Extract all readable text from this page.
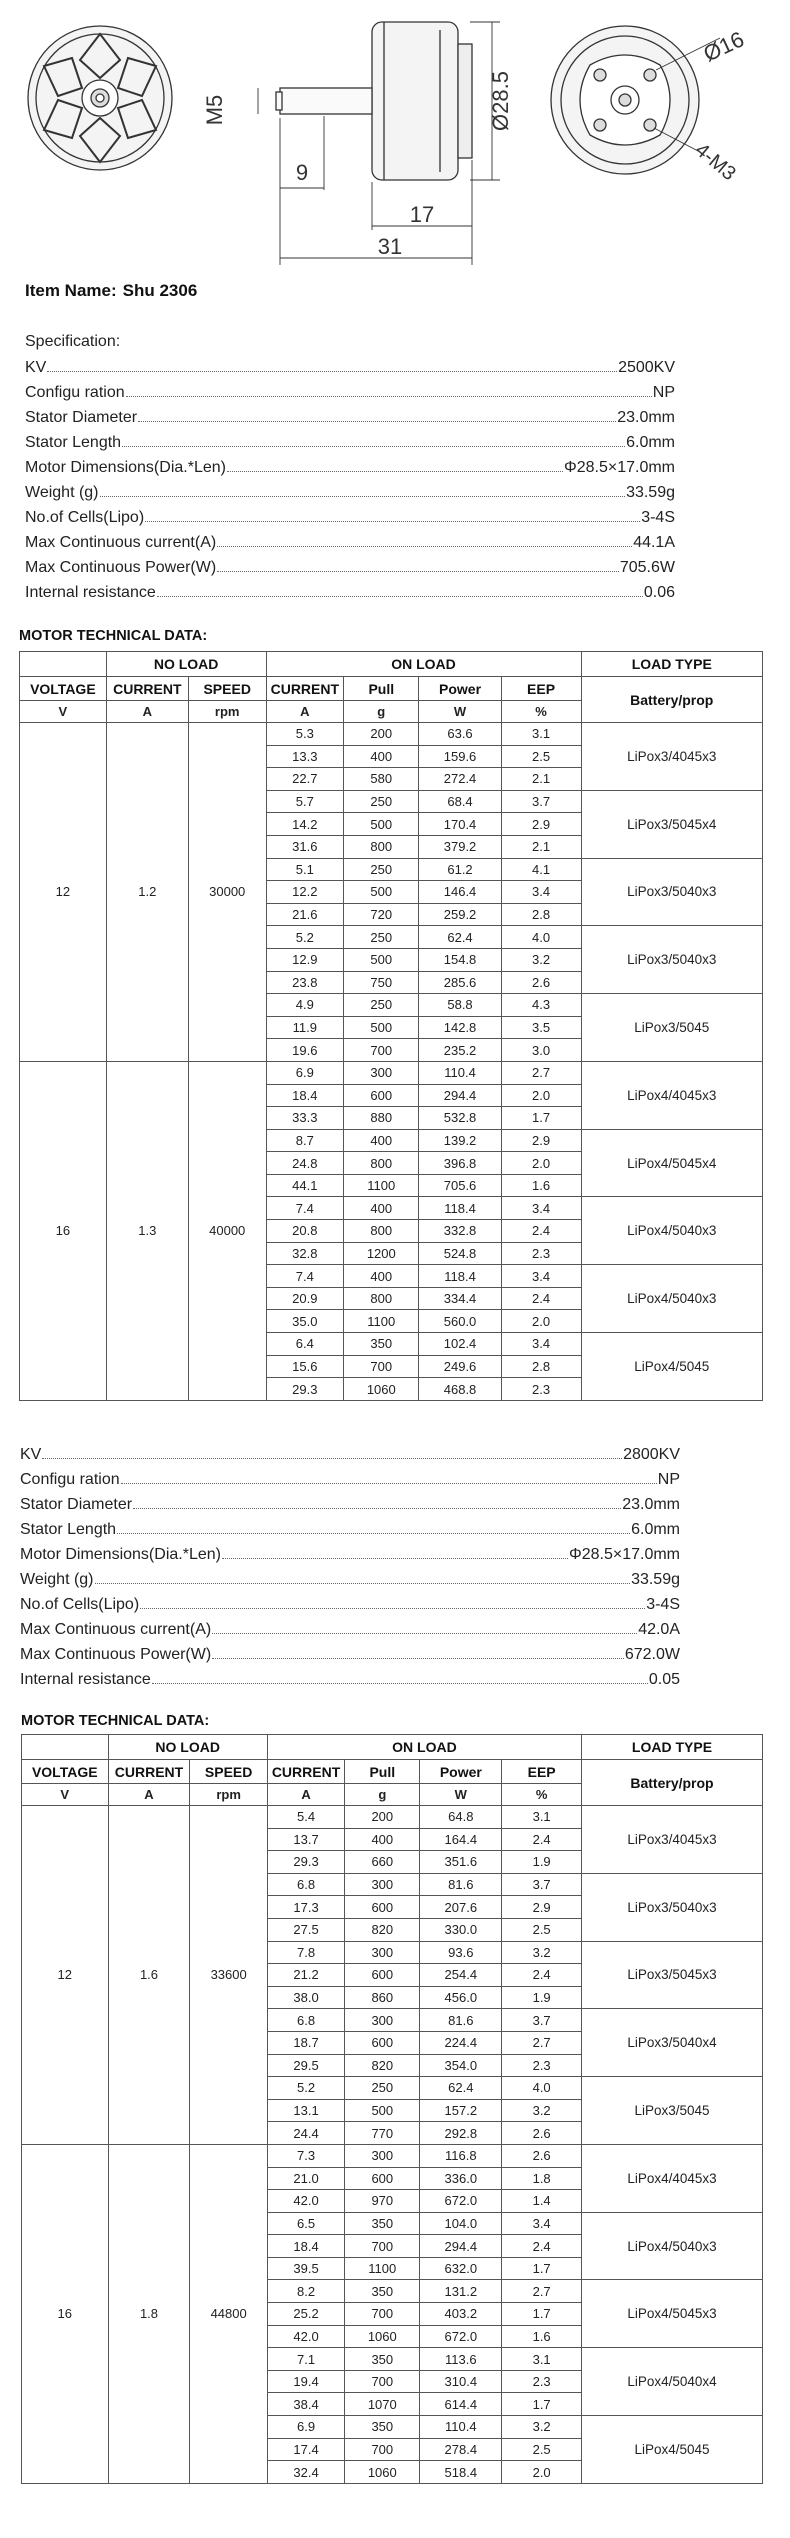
M5
9
17
31
Ø28.5
Ø16
4-M3
Item Name: Shu 2306
Specification:
KV	2500KV
Configu ration	NP
Stator Diameter	23.0mm
Stator Length	6.0mm
Motor Dimensions(Dia.*Len)	Φ28.5×17.0mm
Weight (g)	33.59g
No.of Cells(Lipo)	3-4S
Max Continuous current(A)	44.1A
Max Continuous Power(W)	705.6W
Internal resistance	0.06
MOTOR TECHNICAL DATA:
	NO LOAD		ON LOAD				LOAD TYPE
VOLTAGE	CURRENT	SPEED	CURRENT	Pull	Power	EEP	Battery/prop
V	A	rpm	A	g	W	%	
12	1.2	30000	5.3	200	63.6	3.1	LiPox3/4045x3
			13.3	400	159.6	2.5	
			22.7	580	272.4	2.1	
			5.7	250	68.4	3.7	LiPox3/5045x4
			14.2	500	170.4	2.9	
			31.6	800	379.2	2.1	
			5.1	250	61.2	4.1	LiPox3/5040x3
			12.2	500	146.4	3.4	
			21.6	720	259.2	2.8	
			5.2	250	62.4	4.0	LiPox3/5040x3
			12.9	500	154.8	3.2	
			23.8	750	285.6	2.6	
			4.9	250	58.8	4.3	LiPox3/5045
			11.9	500	142.8	3.5	
			19.6	700	235.2	3.0	
16	1.3	40000	6.9	300	110.4	2.7	LiPox4/4045x3
			18.4	600	294.4	2.0	
			33.3	880	532.8	1.7	
			8.7	400	139.2	2.9	LiPox4/5045x4
			24.8	800	396.8	2.0	
			44.1	1100	705.6	1.6	
			7.4	400	118.4	3.4	LiPox4/5040x3
			20.8	800	332.8	2.4	
			32.8	1200	524.8	2.3	
			7.4	400	118.4	3.4	LiPox4/5040x3
			20.9	800	334.4	2.4	
			35.0	1100	560.0	2.0	
			6.4	350	102.4	3.4	LiPox4/5045
			15.6	700	249.6	2.8	
			29.3	1060	468.8	2.3	
KV	2800KV
Configu ration	NP
Stator Diameter	23.0mm
Stator Length	6.0mm
Motor Dimensions(Dia.*Len)	Φ28.5×17.0mm
Weight (g)	33.59g
No.of Cells(Lipo)	3-4S
Max Continuous current(A)	42.0A
Max Continuous Power(W)	672.0W
Internal resistance	0.05
MOTOR TECHNICAL DATA:
	NO LOAD		ON LOAD				LOAD TYPE
VOLTAGE	CURRENT	SPEED	CURRENT	Pull	Power	EEP	Battery/prop
V	A	rpm	A	g	W	%	
12	1.6	33600	5.4	200	64.8	3.1	LiPox3/4045x3
			13.7	400	164.4	2.4	
			29.3	660	351.6	1.9	
			6.8	300	81.6	3.7	LiPox3/5040x3
			17.3	600	207.6	2.9	
			27.5	820	330.0	2.5	
			7.8	300	93.6	3.2	LiPox3/5045x3
			21.2	600	254.4	2.4	
			38.0	860	456.0	1.9	
			6.8	300	81.6	3.7	LiPox3/5040x4
			18.7	600	224.4	2.7	
			29.5	820	354.0	2.3	
			5.2	250	62.4	4.0	LiPox3/5045
			13.1	500	157.2	3.2	
			24.4	770	292.8	2.6	
16	1.8	44800	7.3	300	116.8	2.6	LiPox4/4045x3
			21.0	600	336.0	1.8	
			42.0	970	672.0	1.4	
			6.5	350	104.0	3.4	LiPox4/5040x3
			18.4	700	294.4	2.4	
			39.5	1100	632.0	1.7	
			8.2	350	131.2	2.7	LiPox4/5045x3
			25.2	700	403.2	1.7	
			42.0	1060	672.0	1.6	
			7.1	350	113.6	3.1	LiPox4/5040x4
			19.4	700	310.4	2.3	
			38.4	1070	614.4	1.7	
			6.9	350	110.4	3.2	LiPox4/5045
			17.4	700	278.4	2.5	
			32.4	1060	518.4	2.0	
